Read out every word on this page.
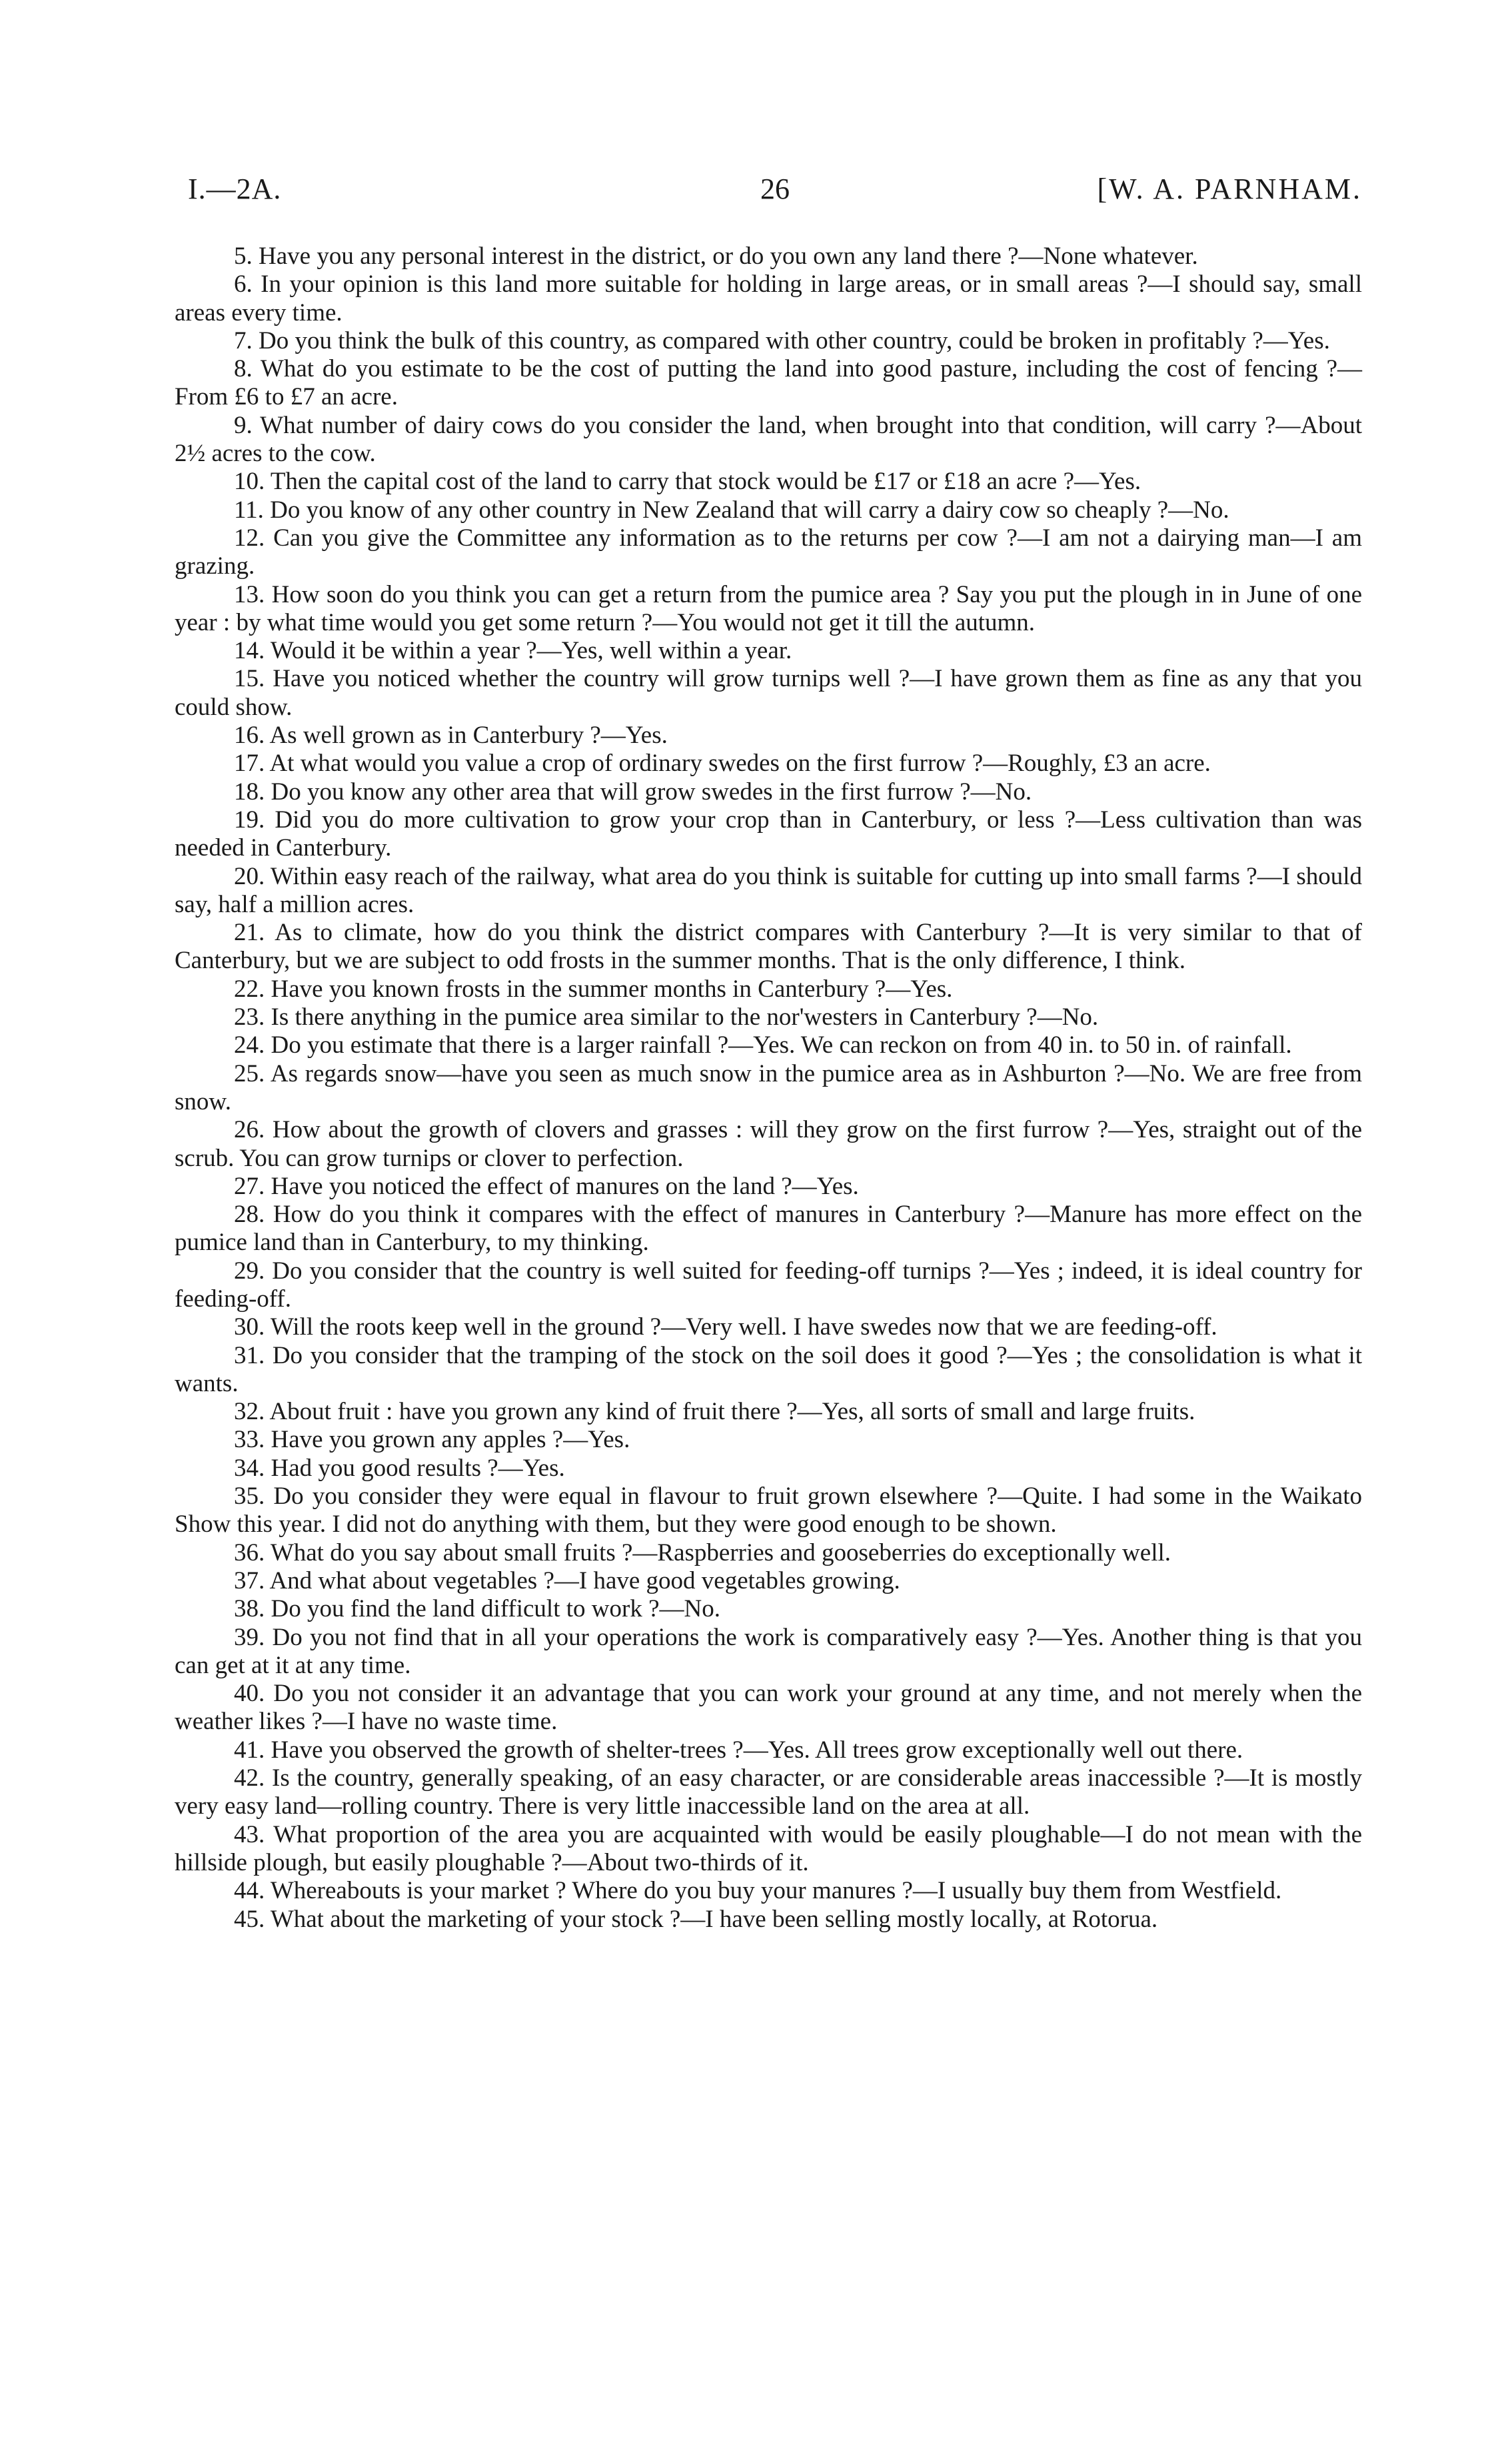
I.—2A.	26	[W. A. PARNHAM.

5. Have you any personal interest in the district, or do you own any land there ?—None whatever.

6. In your opinion is this land more suitable for holding in large areas, or in small areas ?—I should say, small areas every time.

7. Do you think the bulk of this country, as compared with other country, could be broken in profitably ?—Yes.

8. What do you estimate to be the cost of putting the land into good pasture, including the cost of fencing ?—From £6 to £7 an acre.

9. What number of dairy cows do you consider the land, when brought into that condition, will carry ?—About 2½ acres to the cow.

10. Then the capital cost of the land to carry that stock would be £17 or £18 an acre ?—Yes.

11. Do you know of any other country in New Zealand that will carry a dairy cow so cheaply ?—No.

12. Can you give the Committee any information as to the returns per cow ?—I am not a dairying man—I am grazing.

13. How soon do you think you can get a return from the pumice area ? Say you put the plough in in June of one year : by what time would you get some return ?—You would not get it till the autumn.

14. Would it be within a year ?—Yes, well within a year.

15. Have you noticed whether the country will grow turnips well ?—I have grown them as fine as any that you could show.

16. As well grown as in Canterbury ?—Yes.

17. At what would you value a crop of ordinary swedes on the first furrow ?—Roughly, £3 an acre.

18. Do you know any other area that will grow swedes in the first furrow ?—No.

19. Did you do more cultivation to grow your crop than in Canterbury, or less ?—Less cultivation than was needed in Canterbury.

20. Within easy reach of the railway, what area do you think is suitable for cutting up into small farms ?—I should say, half a million acres.

21. As to climate, how do you think the district compares with Canterbury ?—It is very similar to that of Canterbury, but we are subject to odd frosts in the summer months. That is the only difference, I think.

22. Have you known frosts in the summer months in Canterbury ?—Yes.

23. Is there anything in the pumice area similar to the nor'westers in Canterbury ?—No.

24. Do you estimate that there is a larger rainfall ?—Yes. We can reckon on from 40 in. to 50 in. of rainfall.

25. As regards snow—have you seen as much snow in the pumice area as in Ashburton ?—No. We are free from snow.

26. How about the growth of clovers and grasses : will they grow on the first furrow ?—Yes, straight out of the scrub. You can grow turnips or clover to perfection.

27. Have you noticed the effect of manures on the land ?—Yes.

28. How do you think it compares with the effect of manures in Canterbury ?—Manure has more effect on the pumice land than in Canterbury, to my thinking.

29. Do you consider that the country is well suited for feeding-off turnips ?—Yes ; indeed, it is ideal country for feeding-off.

30. Will the roots keep well in the ground ?—Very well. I have swedes now that we are feeding-off.

31. Do you consider that the tramping of the stock on the soil does it good ?—Yes ; the consolidation is what it wants.

32. About fruit : have you grown any kind of fruit there ?—Yes, all sorts of small and large fruits.

33. Have you grown any apples ?—Yes.

34. Had you good results ?—Yes.

35. Do you consider they were equal in flavour to fruit grown elsewhere ?—Quite. I had some in the Waikato Show this year. I did not do anything with them, but they were good enough to be shown.

36. What do you say about small fruits ?—Raspberries and gooseberries do exceptionally well.

37. And what about vegetables ?—I have good vegetables growing.

38. Do you find the land difficult to work ?—No.

39. Do you not find that in all your operations the work is comparatively easy ?—Yes. Another thing is that you can get at it at any time.

40. Do you not consider it an advantage that you can work your ground at any time, and not merely when the weather likes ?—I have no waste time.

41. Have you observed the growth of shelter-trees ?—Yes. All trees grow exceptionally well out there.

42. Is the country, generally speaking, of an easy character, or are considerable areas inaccessible ?—It is mostly very easy land—rolling country. There is very little inaccessible land on the area at all.

43. What proportion of the area you are acquainted with would be easily ploughable—I do not mean with the hillside plough, but easily ploughable ?—About two-thirds of it.

44. Whereabouts is your market ? Where do you buy your manures ?—I usually buy them from Westfield.

45. What about the marketing of your stock ?—I have been selling mostly locally, at Rotorua.
